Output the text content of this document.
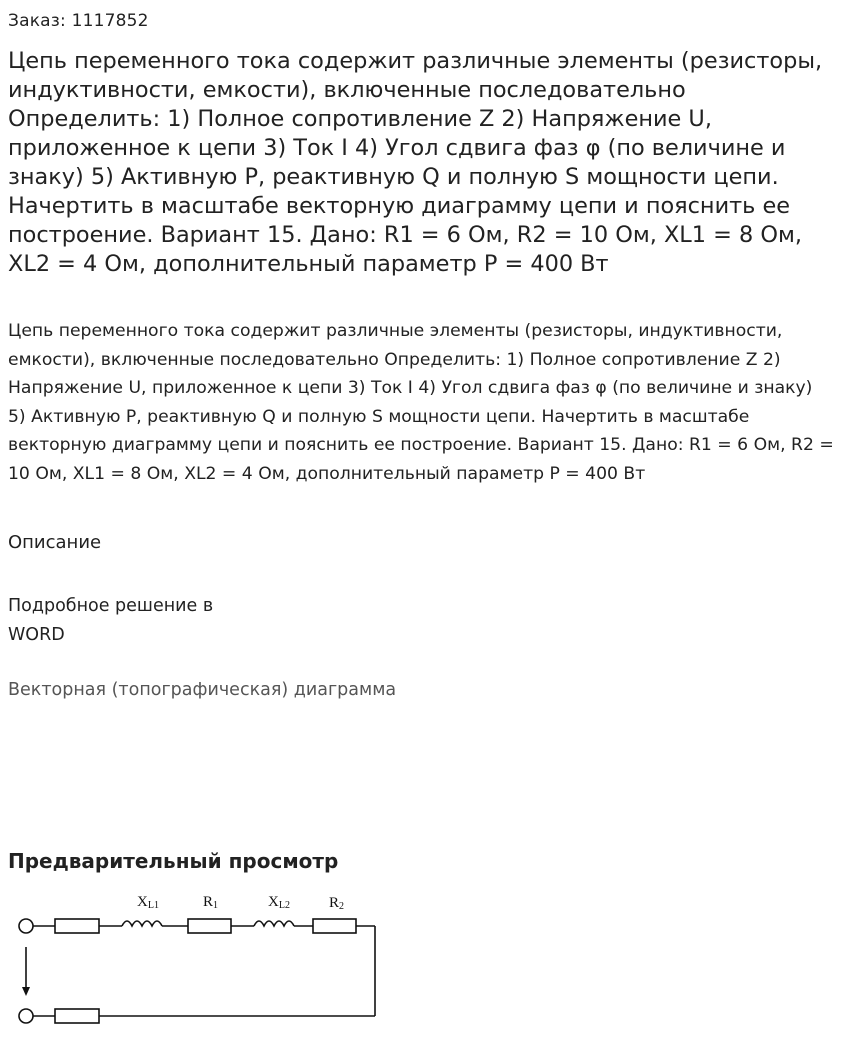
Заказ: 1117852
Цепь переменного тока содержит различные элементы (резисторы, индуктивности, емкости), включенные последовательно Определить: 1) Полное сопротивление Z 2) Напряжение U, приложенное к цепи 3) Ток I 4) Угол сдвига фаз φ (по величине и знаку) 5) Активную P, реактивную Q и полную S мощности цепи. Начертить в масштабе векторную диаграмму цепи и пояснить ее построение. Вариант 15. Дано: R1 = 6 Ом, R2 = 10 Ом, XL1 = 8 Ом, XL2 = 4 Ом, дополнительный параметр P = 400 Вт

Цепь переменного тока содержит различные элементы (резисторы, индуктивности, емкости), включенные последовательно Определить: 1) Полное сопротивление Z 2) Напряжение U, приложенное к цепи 3) Ток I 4) Угол сдвига фаз φ (по величине и знаку) 5) Активную P, реактивную Q и полную S мощности цепи. Начертить в масштабе векторную диаграмму цепи и пояснить ее построение. Вариант 15. Дано: R1 = 6 Ом, R2 = 10 Ом, XL1 = 8 Ом, XL2 = 4 Ом, дополнительный параметр P = 400 Вт

Описание
Подробное решение в WORD
Векторная (топографическая) диаграмма
Предварительный просмотр
XL1	R1	XL2	R2
